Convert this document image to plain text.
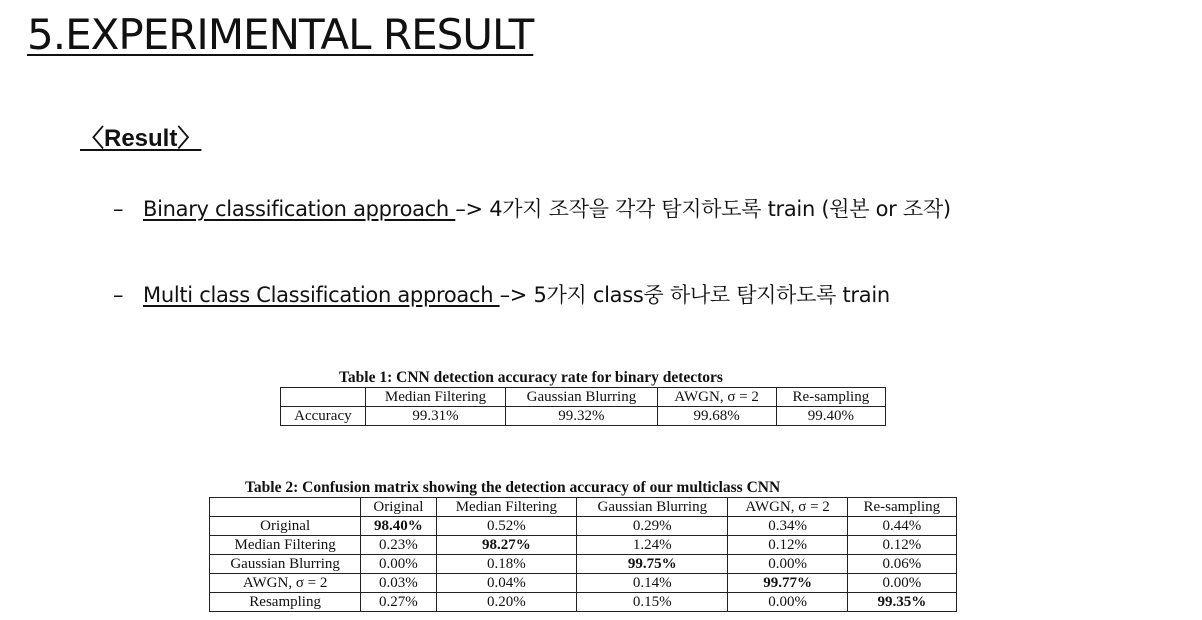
5.EXPERIMENTAL RESULT
〈Result〉
– Binary classification approach –> 4가지 조작을 각각 탐지하도록 train (원본 or 조작)
– Multi class Classification approach –> 5가지 class중 하나로 탐지하도록 train
Table 1: CNN detection accuracy rate for binary detectors
	Median Filtering	Gaussian Blurring	AWGN, σ = 2	Re-sampling
Accuracy	99.31%	99.32%	99.68%	99.40%
Table 2: Confusion matrix showing the detection accuracy of our multiclass CNN
	Original	Median Filtering	Gaussian Blurring	AWGN, σ = 2	Re-sampling
Original	98.40%	0.52%	0.29%	0.34%	0.44%
Median Filtering	0.23%	98.27%	1.24%	0.12%	0.12%
Gaussian Blurring	0.00%	0.18%	99.75%	0.00%	0.06%
AWGN, σ = 2	0.03%	0.04%	0.14%	99.77%	0.00%
Resampling	0.27%	0.20%	0.15%	0.00%	99.35%
